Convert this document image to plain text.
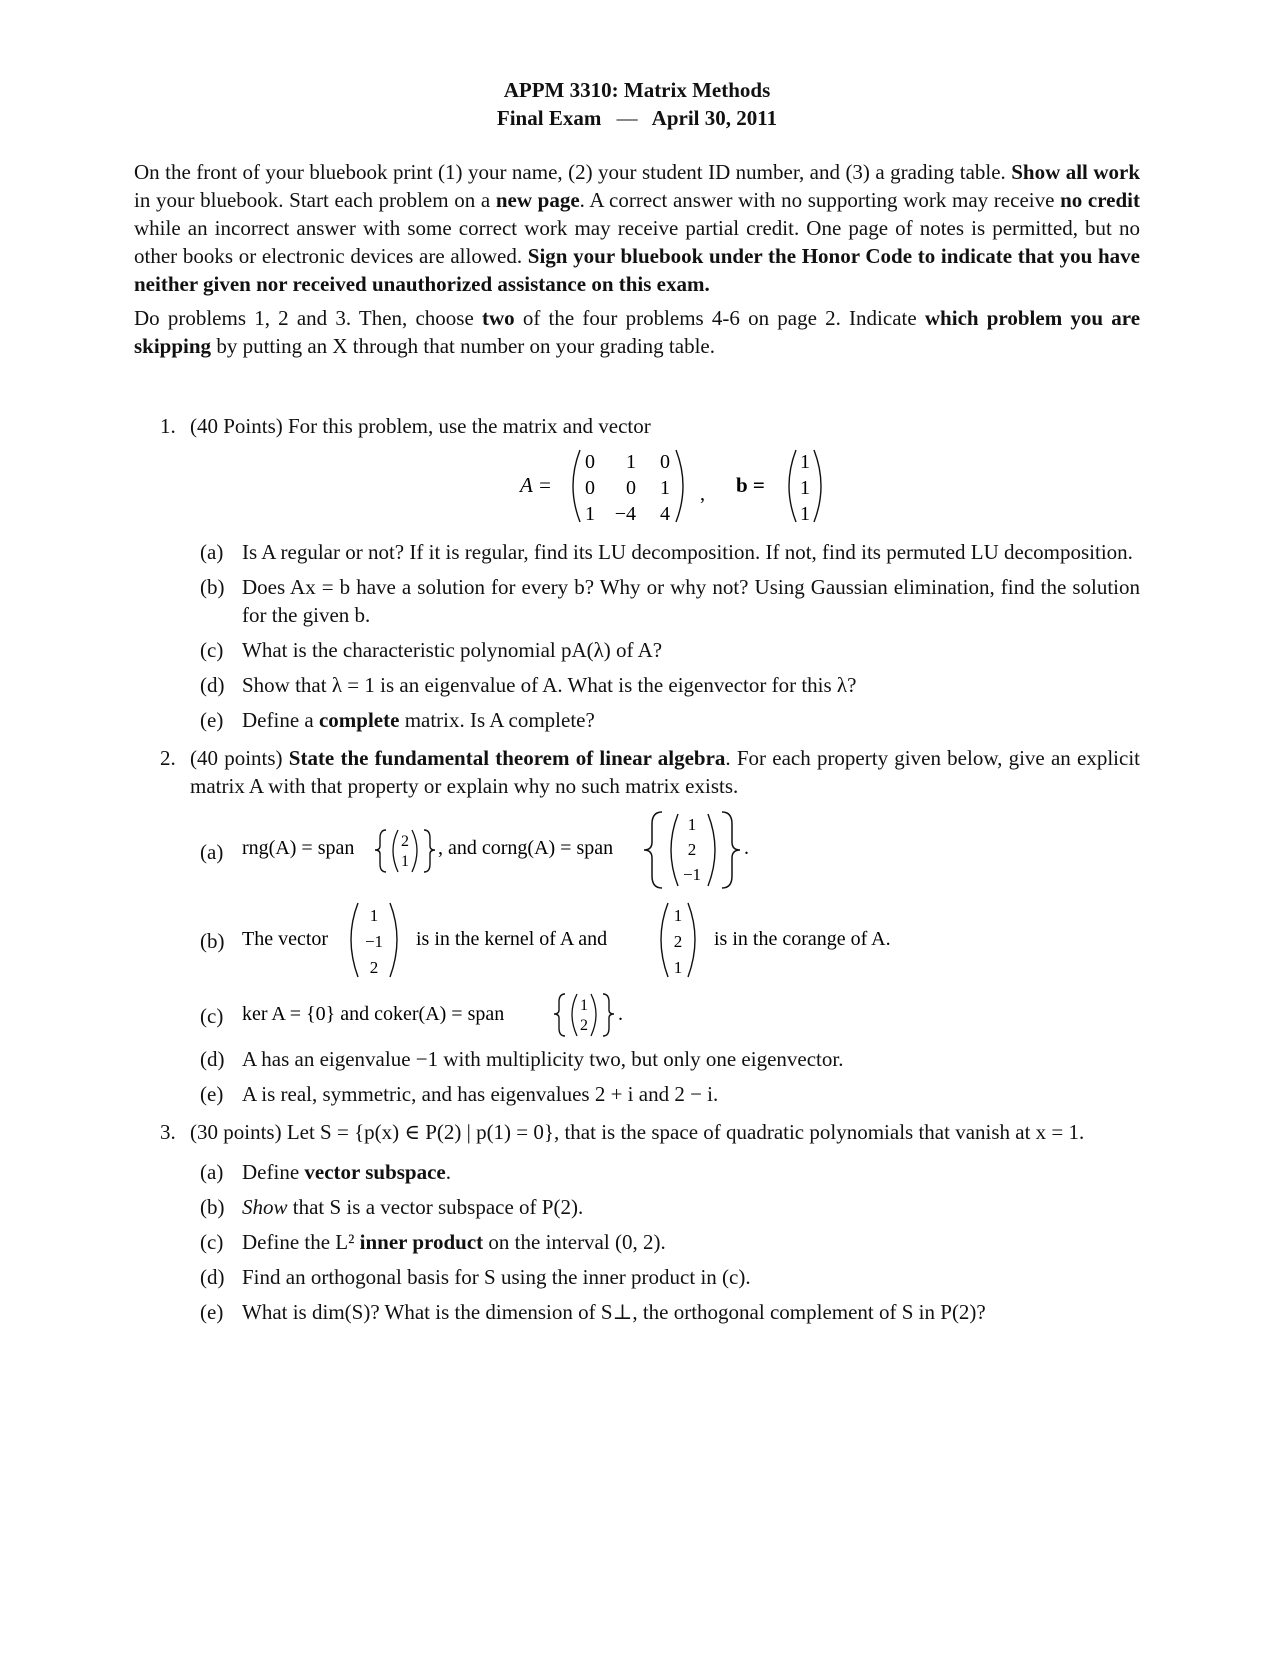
APPM 3310: Matrix Methods
Final Exam — April 30, 2011

On the front of your bluebook print (1) your name, (2) your student ID number, and (3) a grading table. Show all work in your bluebook. Start each problem on a new page. A correct answer with no supporting work may receive no credit while an incorrect answer with some correct work may receive partial credit. One page of notes is permitted, but no other books or electronic devices are allowed. Sign your bluebook under the Honor Code to indicate that you have neither given nor received unauthorized assistance on this exam.

Do problems 1, 2 and 3. Then, choose two of the four problems 4-6 on page 2. Indicate which problem you are skipping by putting an X through that number on your grading table.

1. (40 Points) For this problem, use the matrix and vector
A =
0 1 0
0 0 1
1 −4 4
, b =
1
1
1
(a) Is A regular or not? If it is regular, find its LU decomposition. If not, find its permuted LU decomposition.
(b) Does Ax = b have a solution for every b? Why or why not? Using Gaussian elimination, find the solution for the given b.
(c) What is the characteristic polynomial pA(λ) of A?
(d) Show that λ = 1 is an eigenvalue of A. What is the eigenvector for this λ?
(e) Define a complete matrix. Is A complete?
2. (40 points) State the fundamental theorem of linear algebra. For each property given below, give an explicit matrix A with that property or explain why no such matrix exists.
(a) rng(A) = span	2
1
, and corng(A) = span
1
2
−1
.
(b) The vector
1
−1
2
is in the kernel of A and
1
2
1
is in the corange of A.
(c) ker A = {0} and coker(A) = span	1
2
.
(d) A has an eigenvalue −1 with multiplicity two, but only one eigenvector.
(e) A is real, symmetric, and has eigenvalues 2 + i and 2 − i.
3. (30 points) Let S = {p(x) ∈ P(2) | p(1) = 0}, that is the space of quadratic polynomials that vanish at x = 1.
(a) Define vector subspace.
(b) Show that S is a vector subspace of P(2).
(c) Define the L² inner product on the interval (0, 2).
(d) Find an orthogonal basis for S using the inner product in (c).
(e) What is dim(S)? What is the dimension of S⊥, the orthogonal complement of S in P(2)?
